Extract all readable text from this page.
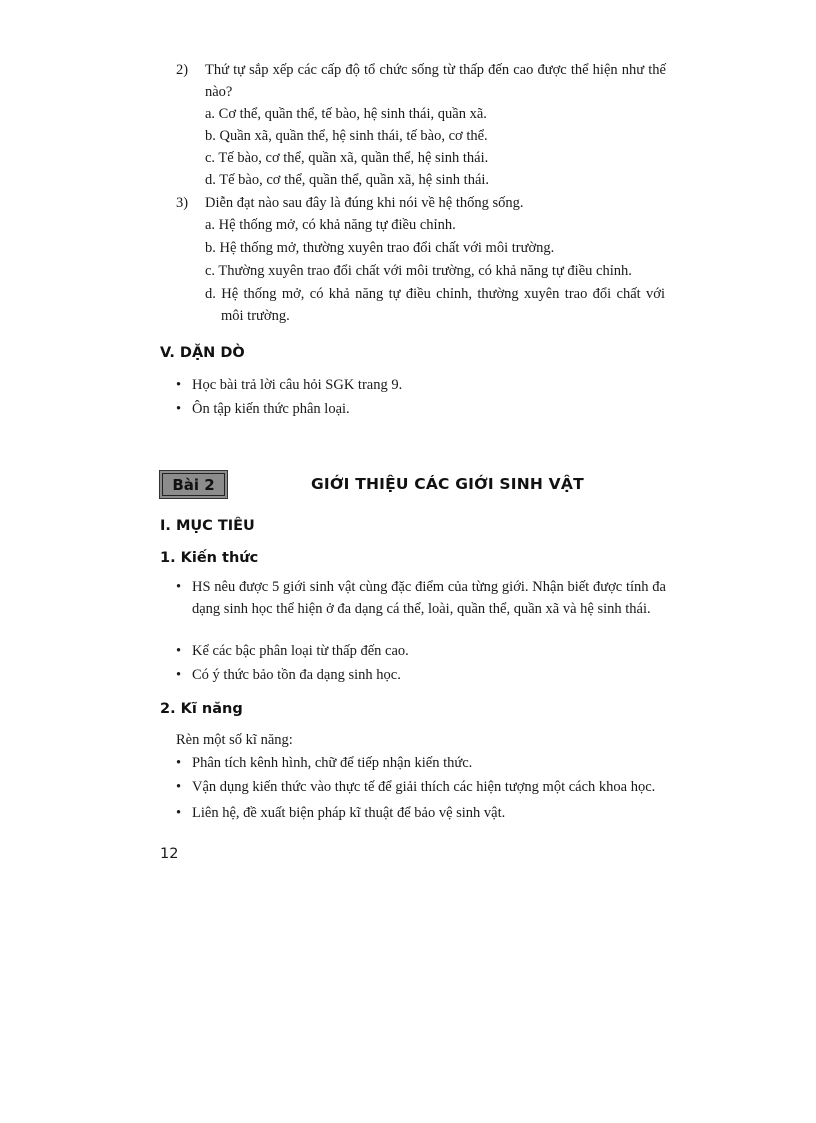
2) Thứ tự sắp xếp các cấp độ tổ chức sống từ thấp đến cao được thể hiện như thế nào?
a. Cơ thể, quần thể, tế bào, hệ sinh thái, quần xã.
b. Quần xã, quần thể, hệ sinh thái, tế bào, cơ thể.
c. Tế bào, cơ thể, quần xã, quần thể, hệ sinh thái.
d. Tế bào, cơ thể, quần thể, quần xã, hệ sinh thái.
3) Diễn đạt nào sau đây là đúng khi nói về hệ thống sống.
a. Hệ thống mở, có khả năng tự điều chỉnh.
b. Hệ thống mở, thường xuyên trao đổi chất với môi trường.
c. Thường xuyên trao đổi chất với môi trường, có khả năng tự điều chỉnh.
d. Hệ thống mở, có khả năng tự điều chỉnh, thường xuyên trao đổi chất với môi trường.
V. DẶN DÒ
• Học bài trả lời câu hỏi SGK trang 9.
• Ôn tập kiến thức phân loại.
Bài 2	GIỚI THIỆU CÁC GIỚI SINH VẬT
I. MỤC TIÊU
1. Kiến thức
• HS nêu được 5 giới sinh vật cùng đặc điểm của từng giới. Nhận biết được tính đa dạng sinh học thể hiện ở đa dạng cá thể, loài, quần thể, quần xã và hệ sinh thái.
• Kể các bậc phân loại từ thấp đến cao.
• Có ý thức bảo tồn đa dạng sinh học.
2. Kĩ năng
Rèn một số kĩ năng:
• Phân tích kênh hình, chữ để tiếp nhận kiến thức.
• Vận dụng kiến thức vào thực tế để giải thích các hiện tượng một cách khoa học.
• Liên hệ, đề xuất biện pháp kĩ thuật để bảo vệ sinh vật.
12
